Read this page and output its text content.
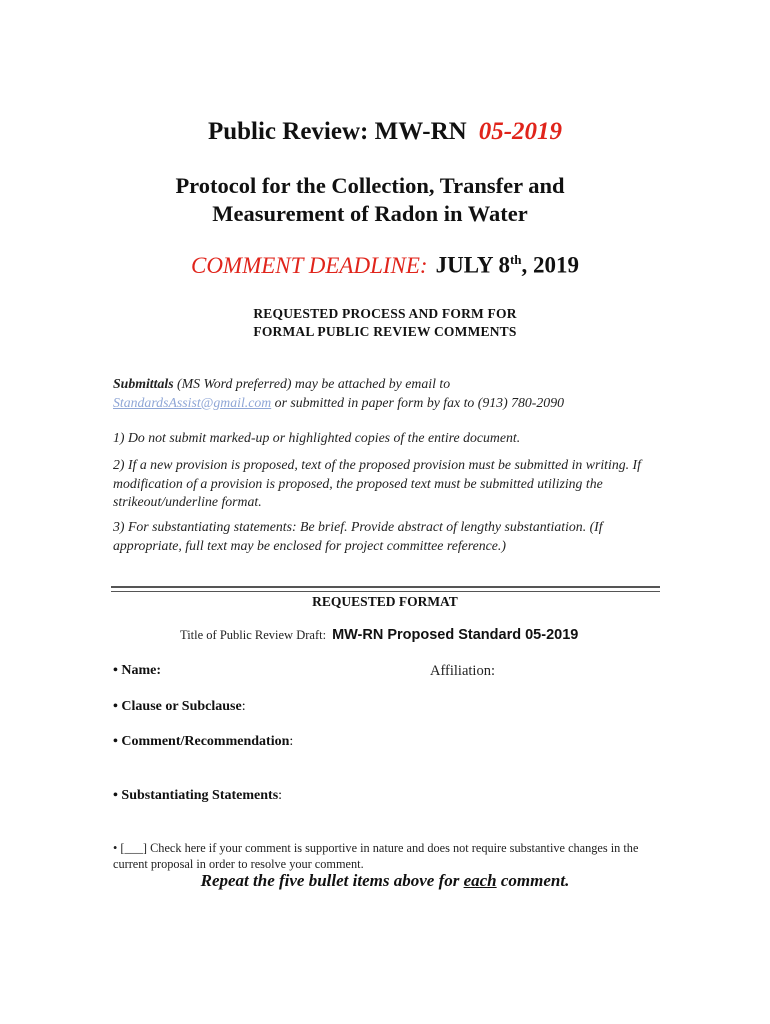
Public Review: MW-RN 05-2019
Protocol for the Collection, Transfer and
Measurement of Radon in Water
COMMENT DEADLINE: JULY 8th, 2019
REQUESTED PROCESS AND FORM FOR
FORMAL PUBLIC REVIEW COMMENTS
Submittals (MS Word preferred) may be attached by email to
StandardsAssist@gmail.com or submitted in paper form by fax to (913) 780-2090
1) Do not submit marked-up or highlighted copies of the entire document.
2) If a new provision is proposed, text of the proposed provision must be submitted in writing. If modification of a provision is proposed, the proposed text must be submitted utilizing the strikeout/underline format.
3) For substantiating statements: Be brief. Provide abstract of lengthy substantiation. (If appropriate, full text may be enclosed for project committee reference.)
REQUESTED FORMAT
Title of Public Review Draft: MW-RN Proposed Standard 05-2019
• Name:	Affiliation:
• Clause or Subclause:
• Comment/Recommendation:
• Substantiating Statements:
• [___] Check here if your comment is supportive in nature and does not require substantive changes in the current proposal in order to resolve your comment.
Repeat the five bullet items above for each comment.
